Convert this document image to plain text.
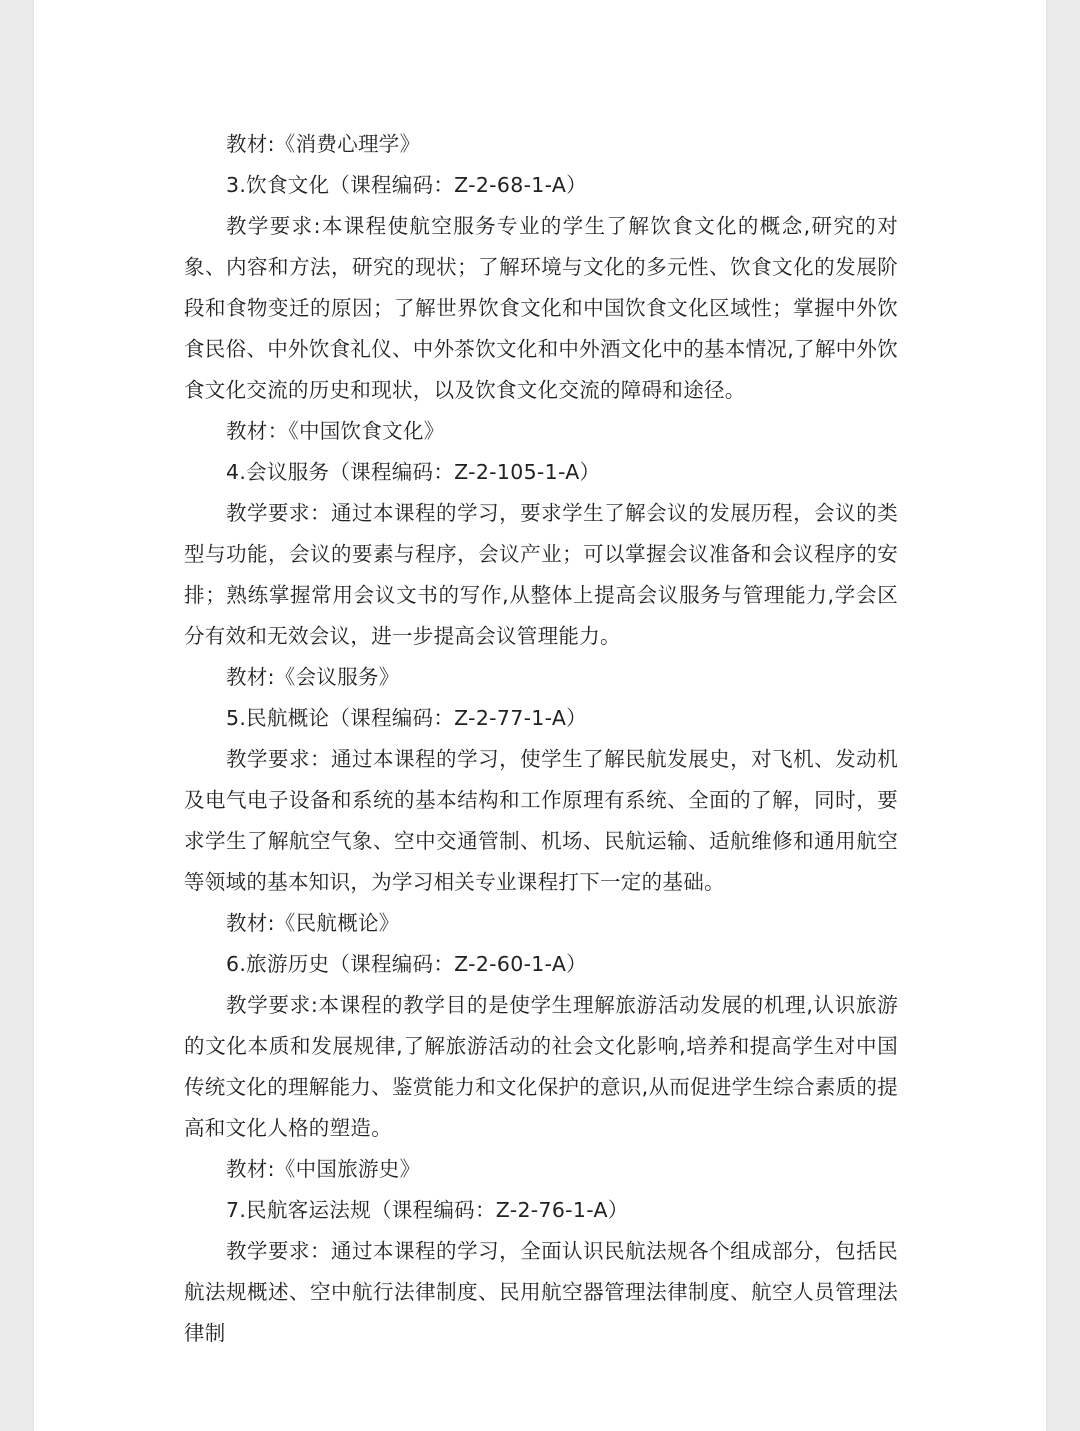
教材:《消费心理学》

3.饮食文化（课程编码：Z-2-68-1-A）

教学要求:本课程使航空服务专业的学生了解饮食文化的概念,研究的对象、内容和方法，研究的现状；了解环境与文化的多元性、饮食文化的发展阶段和食物变迁的原因；了解世界饮食文化和中国饮食文化区域性；掌握中外饮食民俗、中外饮食礼仪、中外茶饮文化和中外酒文化中的基本情况,了解中外饮食文化交流的历史和现状，以及饮食文化交流的障碍和途径。

教材：《中国饮食文化》

4.会议服务（课程编码：Z-2-105-1-A）

教学要求：通过本课程的学习，要求学生了解会议的发展历程，会议的类型与功能，会议的要素与程序，会议产业；可以掌握会议准备和会议程序的安排；熟练掌握常用会议文书的写作,从整体上提高会议服务与管理能力,学会区分有效和无效会议，进一步提高会议管理能力。

教材:《会议服务》

5.民航概论（课程编码：Z-2-77-1-A）

教学要求：通过本课程的学习，使学生了解民航发展史，对飞机、发动机及电气电子设备和系统的基本结构和工作原理有系统、全面的了解，同时，要求学生了解航空气象、空中交通管制、机场、民航运输、适航维修和通用航空等领域的基本知识，为学习相关专业课程打下一定的基础。

教材:《民航概论》

6.旅游历史（课程编码：Z-2-60-1-A）

教学要求:本课程的教学目的是使学生理解旅游活动发展的机理,认识旅游的文化本质和发展规律,了解旅游活动的社会文化影响,培养和提高学生对中国传统文化的理解能力、鉴赏能力和文化保护的意识,从而促进学生综合素质的提高和文化人格的塑造。

教材:《中国旅游史》

7.民航客运法规（课程编码：Z-2-76-1-A）

教学要求：通过本课程的学习，全面认识民航法规各个组成部分，包括民航法规概述、空中航行法律制度、民用航空器管理法律制度、航空人员管理法律制
